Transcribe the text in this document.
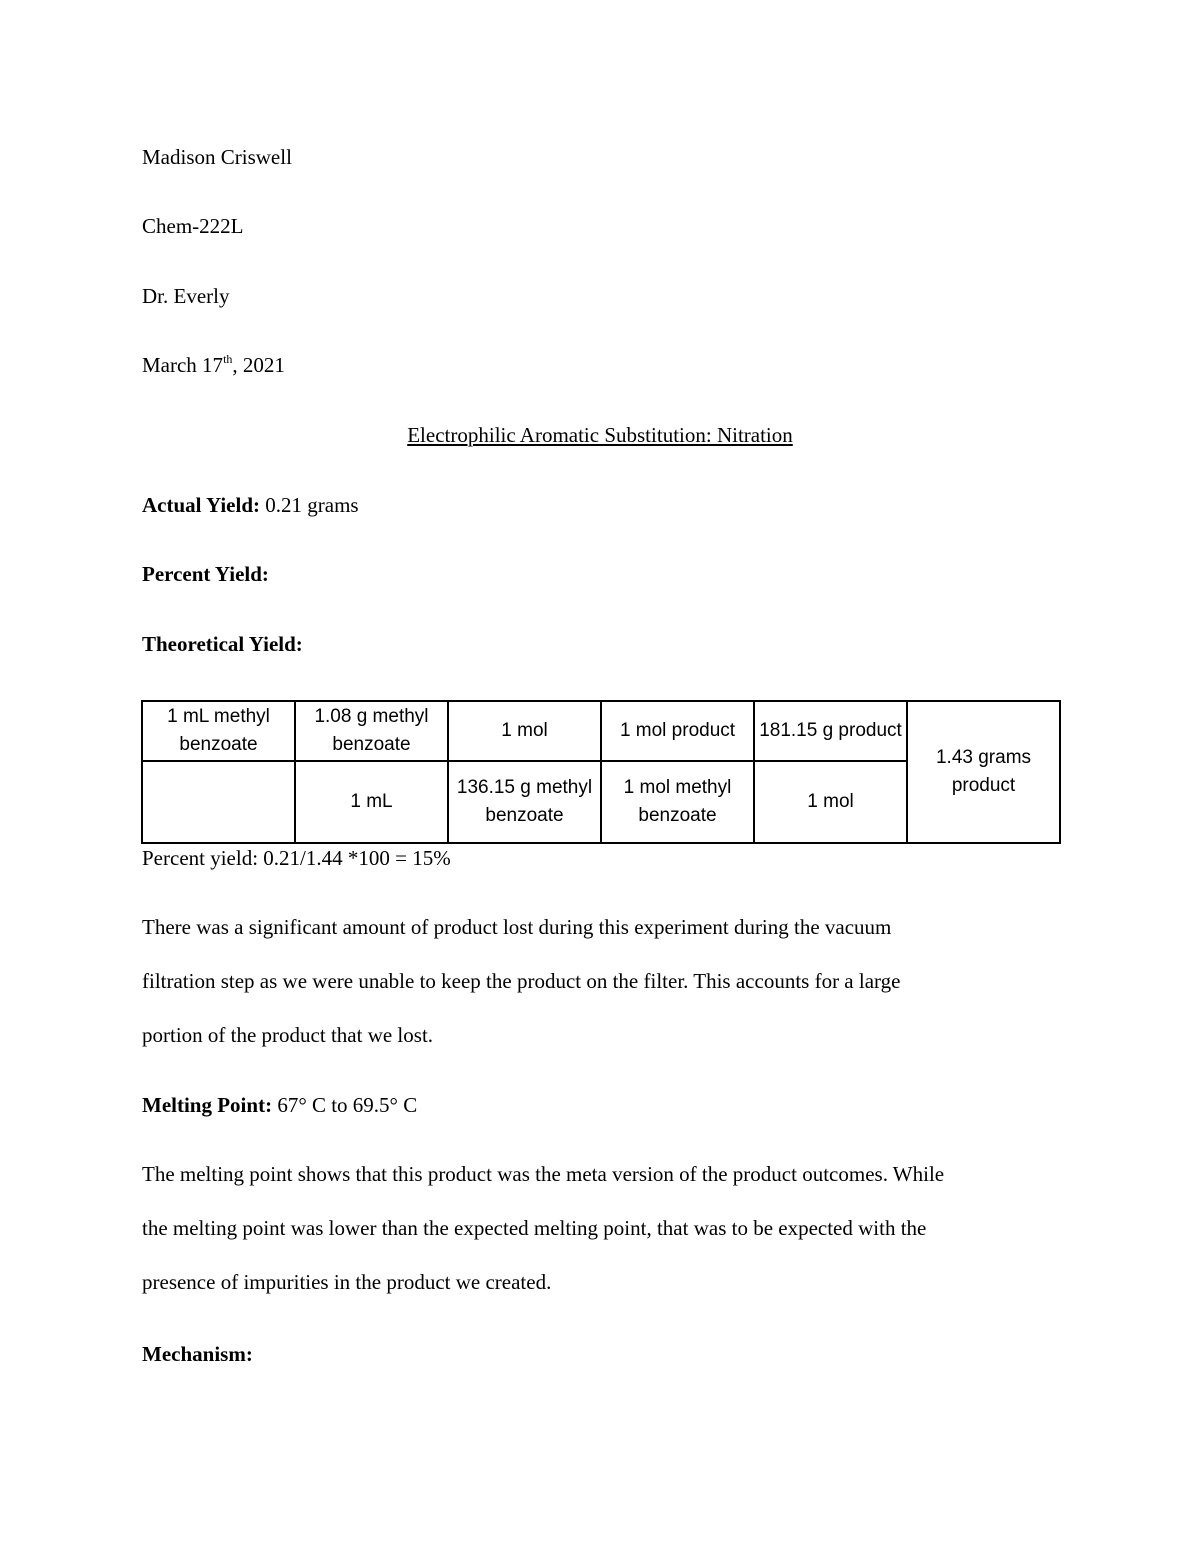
Madison Criswell
Chem-222L
Dr. Everly
March 17th, 2021
Electrophilic Aromatic Substitution: Nitration
Actual Yield: 0.21 grams
Percent Yield:
Theoretical Yield:
1 mL methyl benzoate	1.08 g methyl benzoate	1 mol	1 mol product	181.15 g product	1.43 grams product
	1 mL	136.15 g methyl benzoate	1 mol methyl benzoate	1 mol	
Percent yield: 0.21/1.44 *100 = 15%
There was a significant amount of product lost during this experiment during the vacuum
filtration step as we were unable to keep the product on the filter. This accounts for a large
portion of the product that we lost.
Melting Point: 67° C to 69.5° C
The melting point shows that this product was the meta version of the product outcomes. While
the melting point was lower than the expected melting point, that was to be expected with the
presence of impurities in the product we created.
Mechanism:
